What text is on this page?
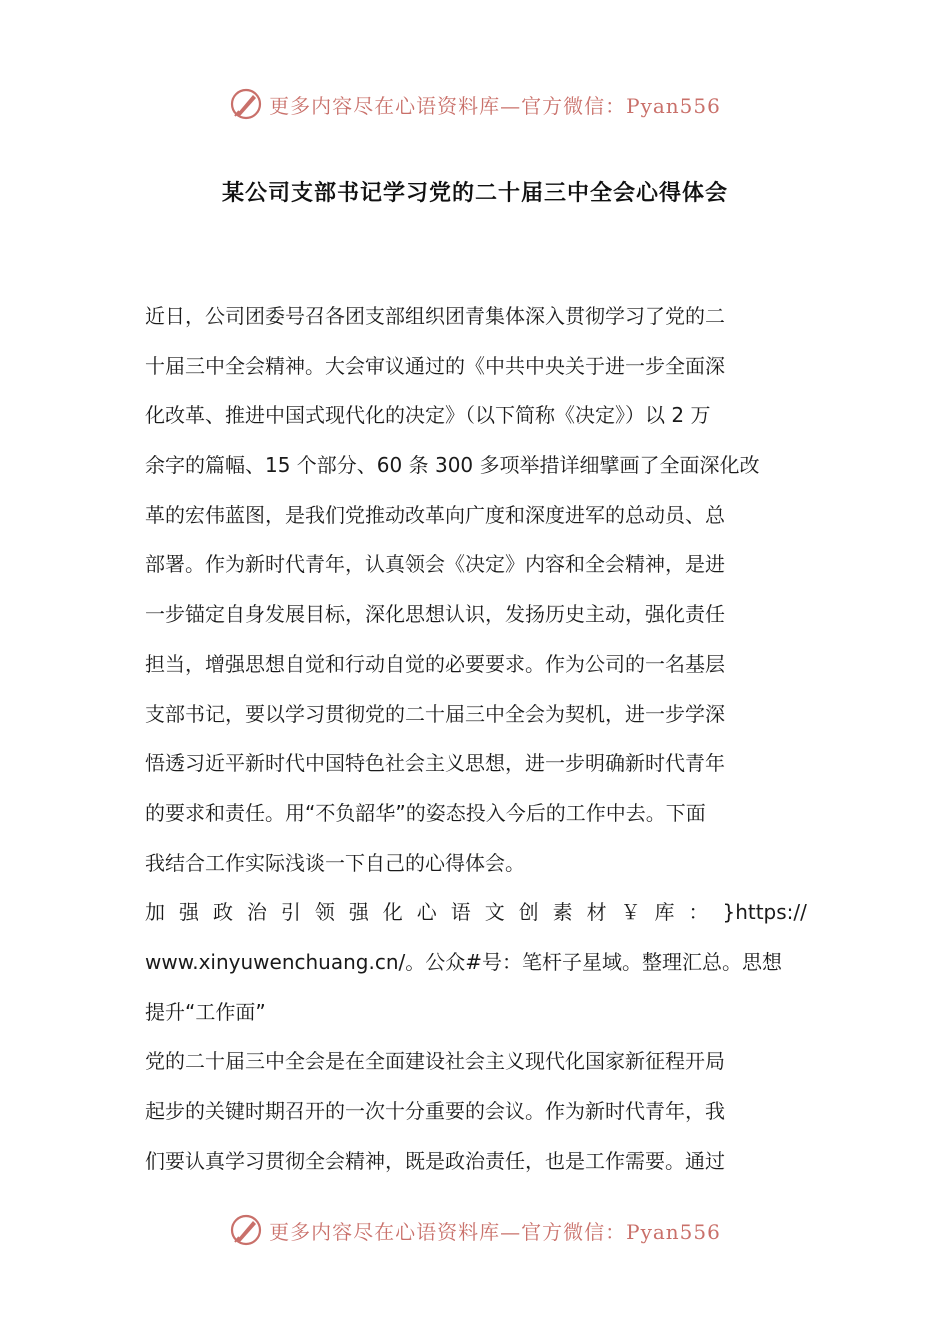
更多内容尽在心语资料库—官方微信：Pyan556
某公司支部书记学习党的二十届三中全会心得体会
近日，公司团委号召各团支部组织团青集体深入贯彻学习了党的二
十届三中全会精神。大会审议通过的《中共中央关于进一步全面深
化改革、推进中国式现代化的决定》（以下简称《决定》）以 2 万
余字的篇幅、15 个部分、60 条 300 多项举措详细擘画了全面深化改
革的宏伟蓝图，是我们党推动改革向广度和深度进军的总动员、总
部署。作为新时代青年，认真领会《决定》内容和全会精神，是进
一步锚定自身发展目标，深化思想认识，发扬历史主动，强化责任
担当，增强思想自觉和行动自觉的必要要求。作为公司的一名基层
支部书记，要以学习贯彻党的二十届三中全会为契机，进一步学深
悟透习近平新时代中国特色社会主义思想，进一步明确新时代青年
的要求和责任。用“不负韶华”的姿态投入今后的工作中去。下面
我结合工作实际浅谈一下自己的心得体会。
加 强 政 治 引 领 强 化 心 语 文 创 素 材 ￥ 库 ： }https://
www.xinyuwenchuang.cn/。公众#号：笔杆子星域。整理汇总。思想
提升“工作面”
党的二十届三中全会是在全面建设社会主义现代化国家新征程开局
起步的关键时期召开的一次十分重要的会议。作为新时代青年，我
们要认真学习贯彻全会精神，既是政治责任，也是工作需要。通过
更多内容尽在心语资料库—官方微信：Pyan556
